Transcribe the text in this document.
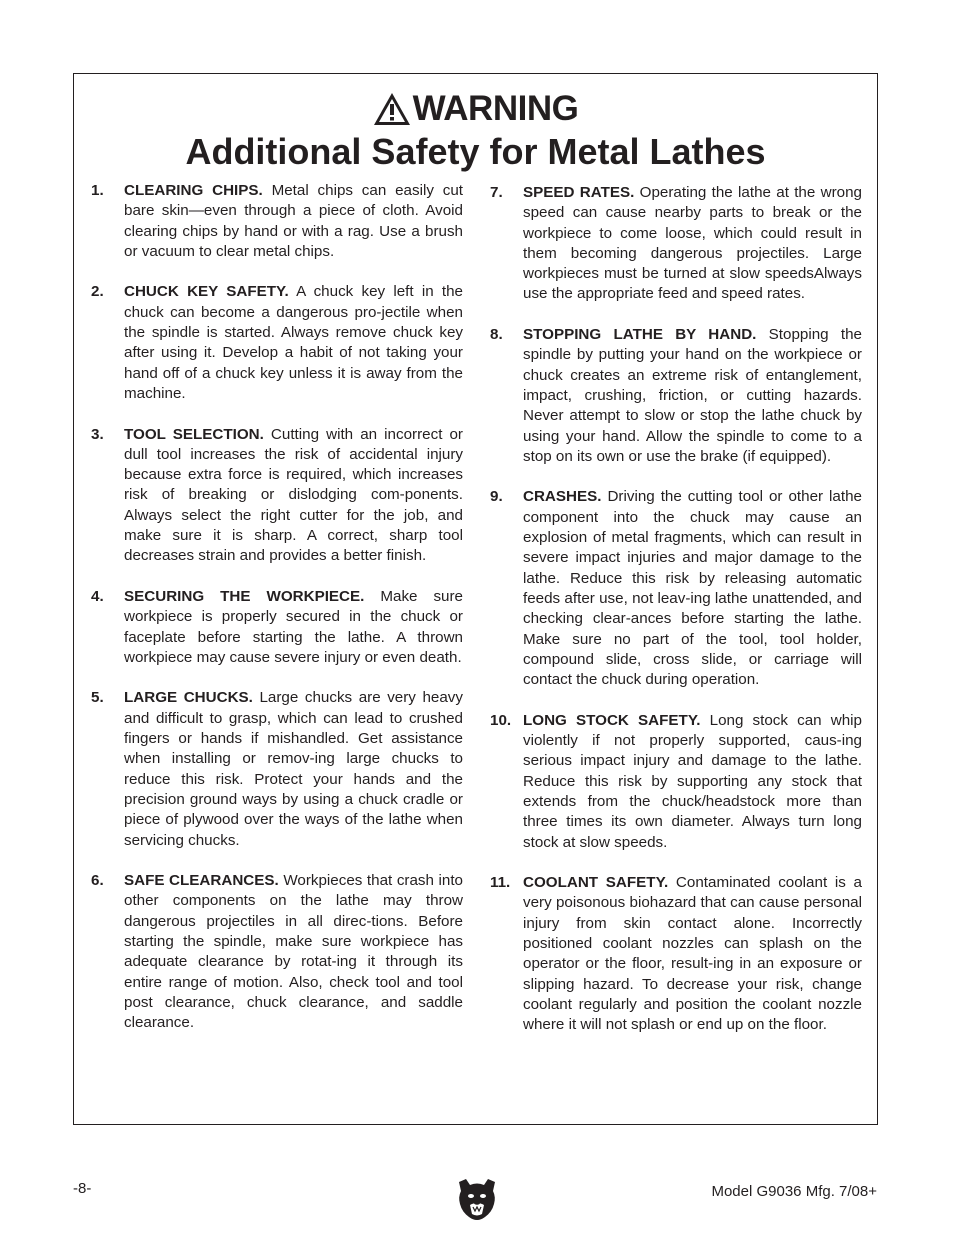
WARNING
Additional Safety for Metal Lathes
1.	CLEARING CHIPS. Metal chips can easily cut bare skin—even through a piece of cloth. Avoid clearing chips by hand or with a rag. Use a brush or vacuum to clear metal chips.
2.	CHUCK KEY SAFETY. A chuck key left in the chuck can become a dangerous pro-jectile when the spindle is started. Always remove chuck key after using it. Develop a habit of not taking your hand off of a chuck key unless it is away from the machine.
3.	TOOL SELECTION. Cutting with an incorrect or dull tool increases the risk of accidental injury because extra force is required, which increases risk of breaking or dislodging com-ponents. Always select the right cutter for the job, and make sure it is sharp. A correct, sharp tool decreases strain and provides a better finish.
4.	SECURING THE WORKPIECE. Make sure workpiece is properly secured in the chuck or faceplate before starting the lathe. A thrown workpiece may cause severe injury or even death.
5.	LARGE CHUCKS. Large chucks are very heavy and difficult to grasp, which can lead to crushed fingers or hands if mishandled. Get assistance when installing or remov-ing large chucks to reduce this risk. Protect your hands and the precision ground ways by using a chuck cradle or piece of plywood over the ways of the lathe when servicing chucks.
6.	SAFE CLEARANCES. Workpieces that crash into other components on the lathe may throw dangerous projectiles in all direc-tions. Before starting the spindle, make sure workpiece has adequate clearance by rotat-ing it through its entire range of motion. Also, check tool and tool post clearance, chuck clearance, and saddle clearance.
7.	SPEED RATES. Operating the lathe at the wrong speed can cause nearby parts to break or the workpiece to come loose, which could result in them becoming dangerous projectiles. Large workpieces must be turned at slow speedsAlways use the appropriate feed and speed rates.
8.	STOPPING LATHE BY HAND. Stopping the spindle by putting your hand on the workpiece or chuck creates an extreme risk of entanglement, impact, crushing, friction, or cutting hazards. Never attempt to slow or stop the lathe chuck by using your hand. Allow the spindle to come to a stop on its own or use the brake (if equipped).
9.	CRASHES. Driving the cutting tool or other lathe component into the chuck may cause an explosion of metal fragments, which can result in severe impact injuries and major damage to the lathe. Reduce this risk by releasing automatic feeds after use, not leav-ing lathe unattended, and checking clear-ances before starting the lathe. Make sure no part of the tool, tool holder, compound slide, cross slide, or carriage will contact the chuck during operation.
10. LONG STOCK SAFETY. Long stock can whip violently if not properly supported, caus-ing serious impact injury and damage to the lathe. Reduce this risk by supporting any stock that extends from the chuck/headstock more than three times its own diameter. Always turn long stock at slow speeds.
11. COOLANT SAFETY. Contaminated coolant is a very poisonous biohazard that can cause personal injury from skin contact alone. Incorrectly positioned coolant nozzles can splash on the operator or the floor, result-ing in an exposure or slipping hazard. To decrease your risk, change coolant regularly and position the coolant nozzle where it will not splash or end up on the floor.
-8-	Model G9036 Mfg. 7/08+
